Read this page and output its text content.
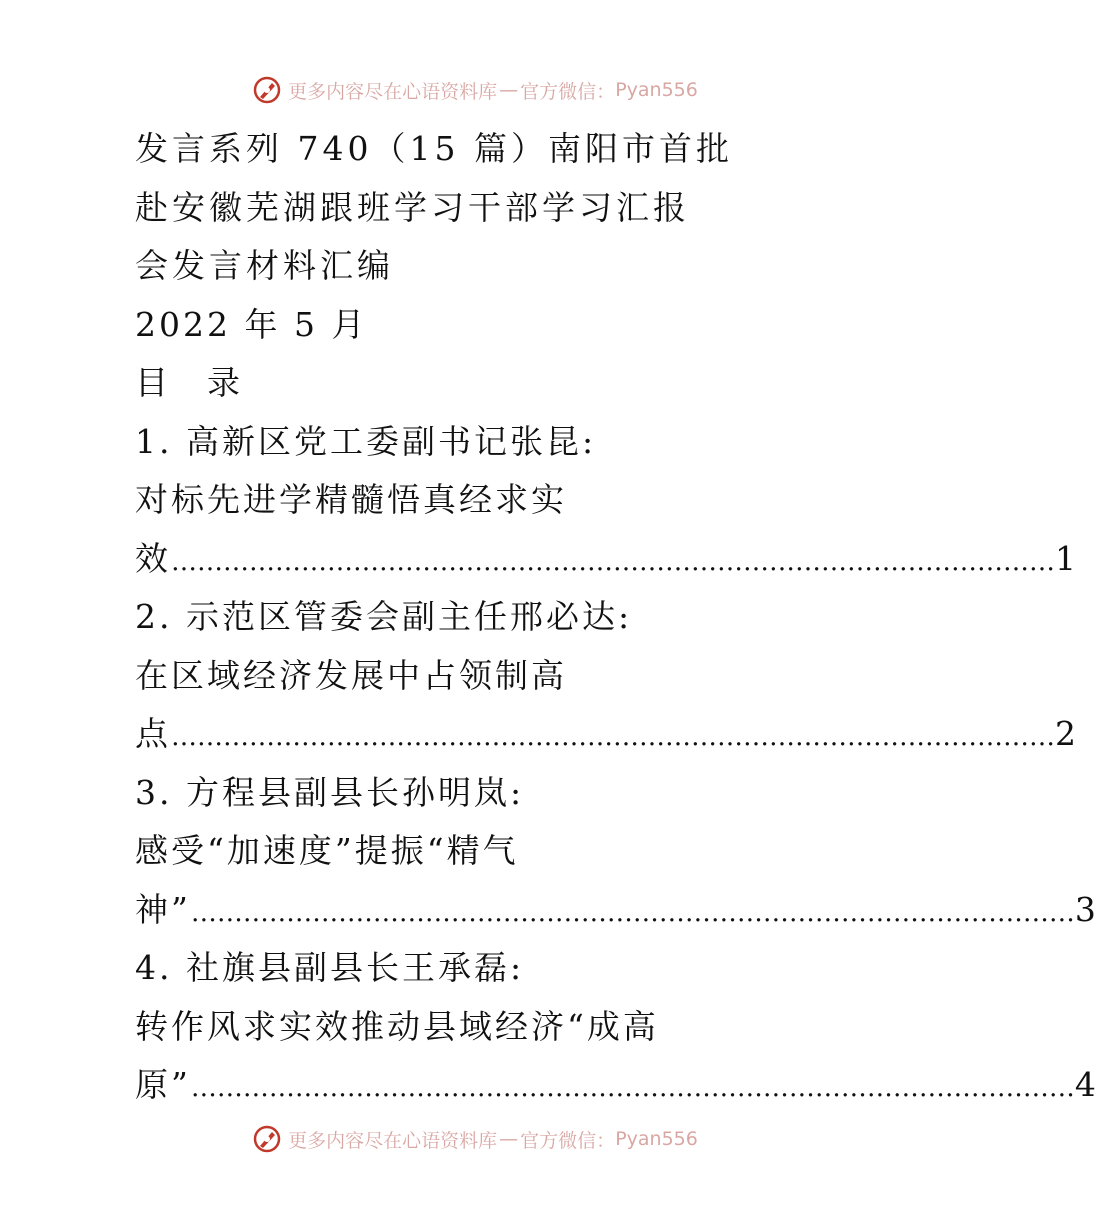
更多内容尽在心语资料库 — 官方微信： Pyan556
发言系列 740（15 篇）南阳市首批
赴安徽芜湖跟班学习干部学习汇报
会发言材料汇编
2022 年 5 月
目　录
1. 高新区党工委副书记张昆:
对标先进学精髓悟真经求实
效 ………………………………………………………………………………………… 1
2. 示范区管委会副主任邢必达:
在区域经济发展中占领制高
点 ………………………………………………………………………………………… 2
3. 方程县副县长孙明岚:
感受“加速度”提振“精气
神” ………………………………………………………………………………………… 3
4. 社旗县副县长王承磊:
转作风求实效推动县域经济“成高
原” ………………………………………………………………………………………… 4
更多内容尽在心语资料库 — 官方微信： Pyan556
